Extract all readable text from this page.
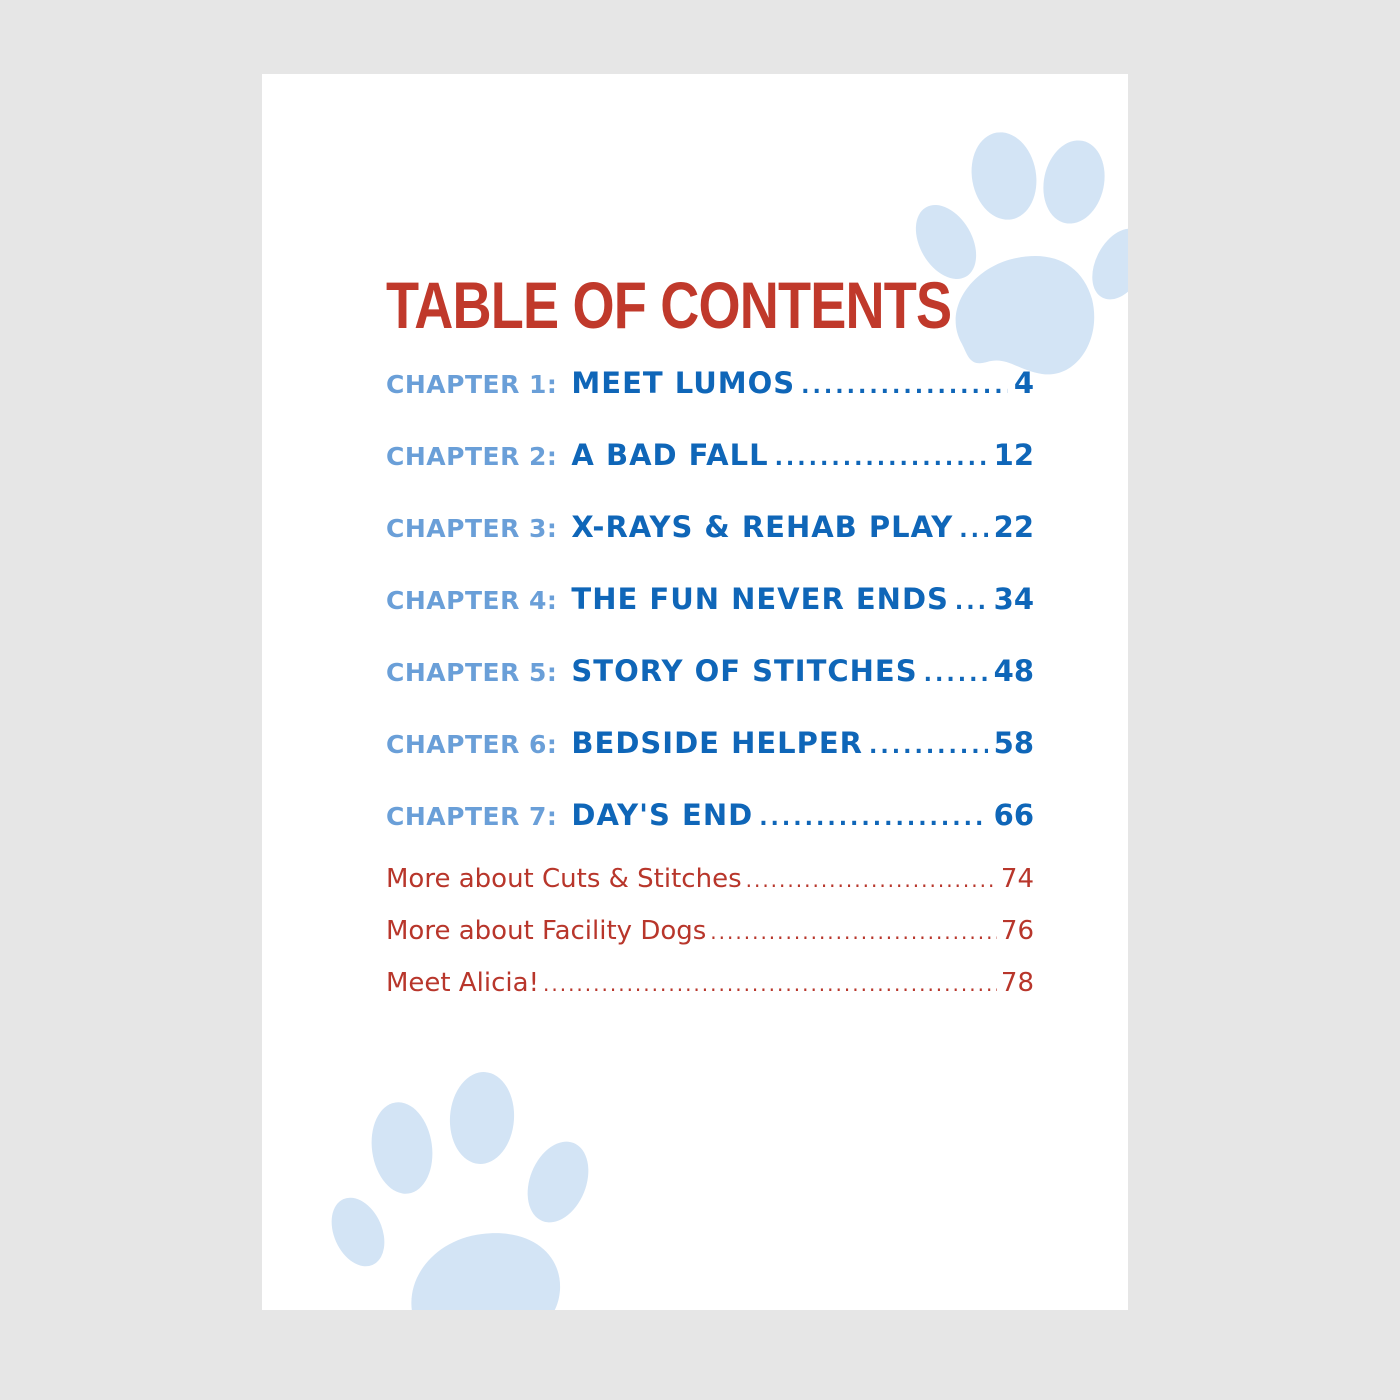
TABLE OF CONTENTS
CHAPTER 1: MEET LUMOS .....	4
CHAPTER 2: A BAD FALL .....	12
CHAPTER 3: X-RAYS & REHAB PLAY ..... 22
CHAPTER 4: THE FUN NEVER ENDS ..... 34
CHAPTER 5: STORY OF STITCHES .....	48
CHAPTER 6: BEDSIDE HELPER .....	58
CHAPTER 7: DAY'S END .....	66
More about Cuts & Stitches .....	74
More about Facility Dogs .....	76
Meet Alicia! .....	78
